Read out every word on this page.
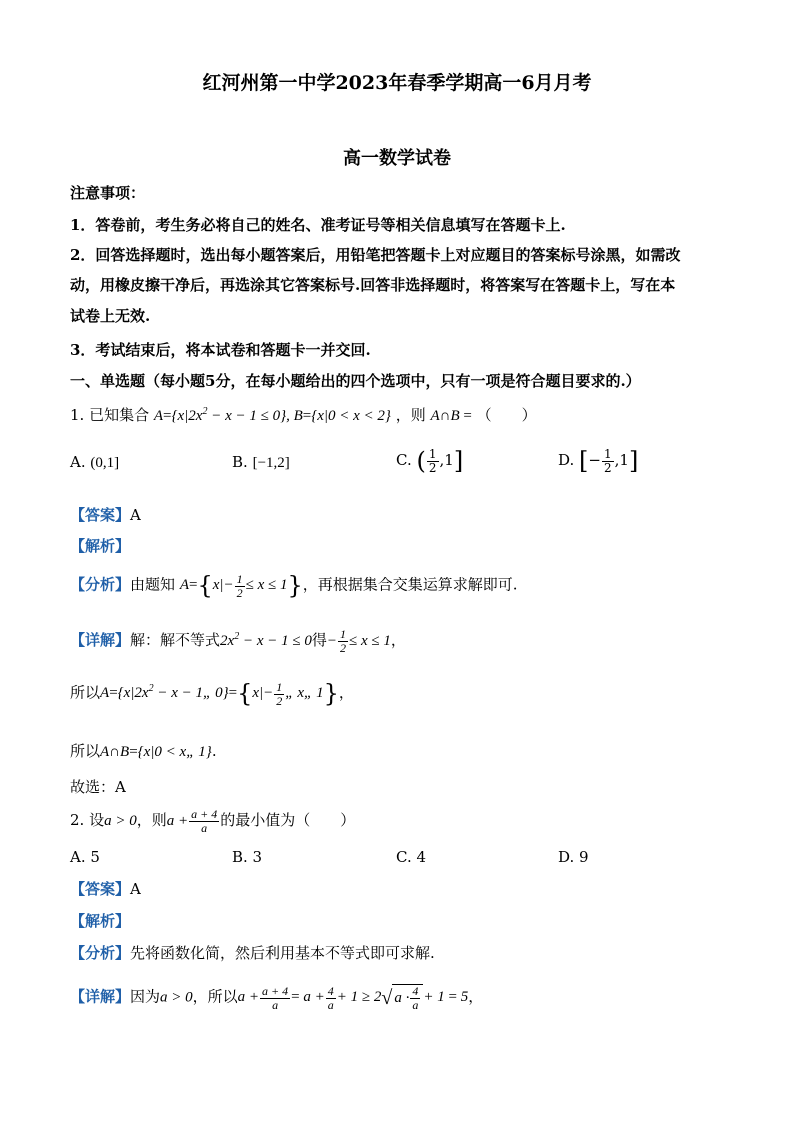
红河州第一中学2023年春季学期高一6月月考
高一数学试卷
注意事项：
1．答卷前，考生务必将自己的姓名、准考证号等相关信息填写在答题卡上.
2．回答选择题时，选出每小题答案后，用铅笔把答题卡上对应题目的答案标号涂黑，如需改
动，用橡皮擦干净后，再选涂其它答案标号.回答非选择题时，将答案写在答题卡上，写在本
试卷上无效.
3．考试结束后，将本试卷和答题卡一并交回.
一、单选题（每小题5分，在每小题给出的四个选项中，只有一项是符合题目要求的.）
1. 已知集合 $A=\{x|2x^2 - x - 1 \le 0\}$, B={x|0 < x < 2} ，则 A∩B = （　　）
A. (0,1]	B. [−1,2]	C. ( $\frac{1}{2} ,1$]	D. [− $\frac{1}{2} ,1$]
【答案】A
【解析】
【分析】由题知 $A=\{x|- \frac{1}{2} \le x \le 1\}$，再根据集合交集运算求解即可.
【详解】解：解不等式$2x^2 - x - 1 \le 0$得− $\frac{1}{2} \le x \le 1$，
所以$A=\{x|2x^2 - x$ − 1„ $0\}=\{x|- \frac{1}{2}$ „ x„ 1}，
所以A∩B={x|0 < x„ 1}.
故选：A
2. 设a > 0，则$a + \frac{a + 4}{a}$ 的最小值为（　　）
A. 5	B. 3	C. 4	D. 9
【答案】A
【解析】
【分析】先将函数化简，然后利用基本不等式即可求解.
【详解】因为a > 0，所以$a + \frac{a + 4}{a} = a + \frac{4}{a} + 1 \ge 2$ √ $a \cdot \frac{4}{a} + 1 = 5$，
